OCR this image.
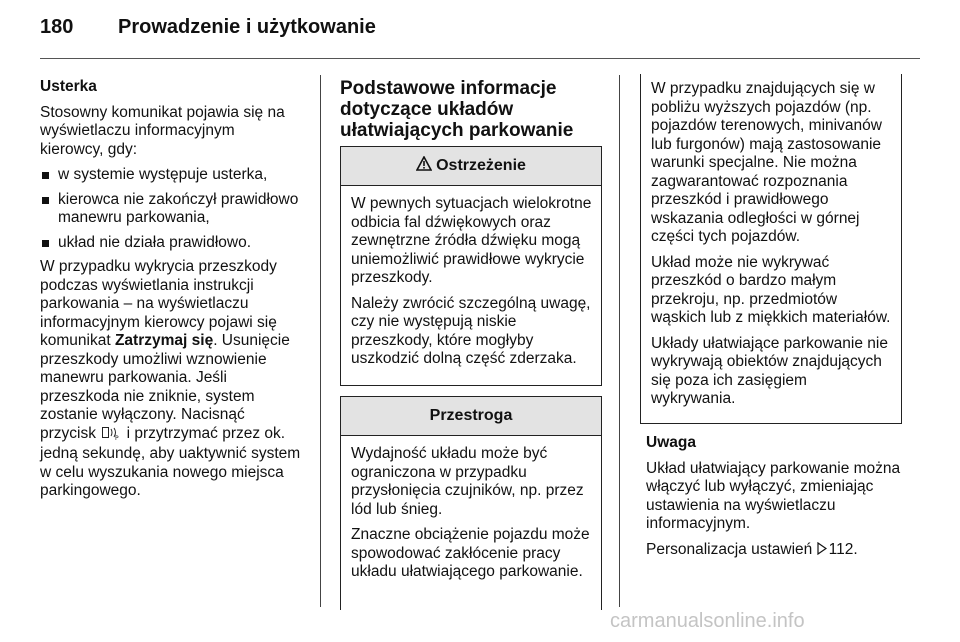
180 Prowadzenie i użytkowanie

Usterka

Stosowny komunikat pojawia się na wyświetlaczu informacyjnym kierowcy, gdy:

w systemie występuje usterka,
kierowca nie zakończył prawidłowo manewru parkowania,
układ nie działa prawidłowo.

W przypadku wykrycia przeszkody podczas wyświetlania instrukcji parkowania – na wyświetlaczu informacyjnym kierowcy pojawi się komunikat Zatrzymaj się. Usunięcie przeszkody umożliwi wznowienie manewru parkowania. Jeśli przeszkoda nie zniknie, system zostanie wyłączony. Nacisnąć przycisk	P i przytrzymać przez ok. jedną sekundę, aby uaktywnić system w celu wyszukania nowego miejsca parkingowego.

Podstawowe informacje dotyczące układów ułatwiających parkowanie

Ostrzeżenie

W pewnych sytuacjach wielokrotne odbicia fal dźwiękowych oraz zewnętrzne źródła dźwięku mogą uniemożliwić prawidłowe wykrycie przeszkody.

Należy zwrócić szczególną uwagę, czy nie występują niskie przeszkody, które mogłyby uszkodzić dolną część zderzaka.

Przestroga

Wydajność układu może być ograniczona w przypadku przysłonięcia czujników, np. przez lód lub śnieg.

Znaczne obciążenie pojazdu może spowodować zakłócenie pracy układu ułatwiającego parkowanie.

W przypadku znajdujących się w pobliżu wyższych pojazdów (np. pojazdów terenowych, minivanów lub furgonów) mają zastosowanie warunki specjalne. Nie można zagwarantować rozpoznania przeszkód i prawidłowego wskazania odległości w górnej części tych pojazdów.

Układ może nie wykrywać przeszkód o bardzo małym przekroju, np. przedmiotów wąskich lub z miękkich materiałów.

Układy ułatwiające parkowanie nie wykrywają obiektów znajdujących się poza ich zasięgiem wykrywania.

Uwaga

Układ ułatwiający parkowanie można włączyć lub wyłączyć, zmieniając ustawienia na wyświetlaczu informacyjnym.

Personalizacja ustawień 112.

carmanualsonline.info
